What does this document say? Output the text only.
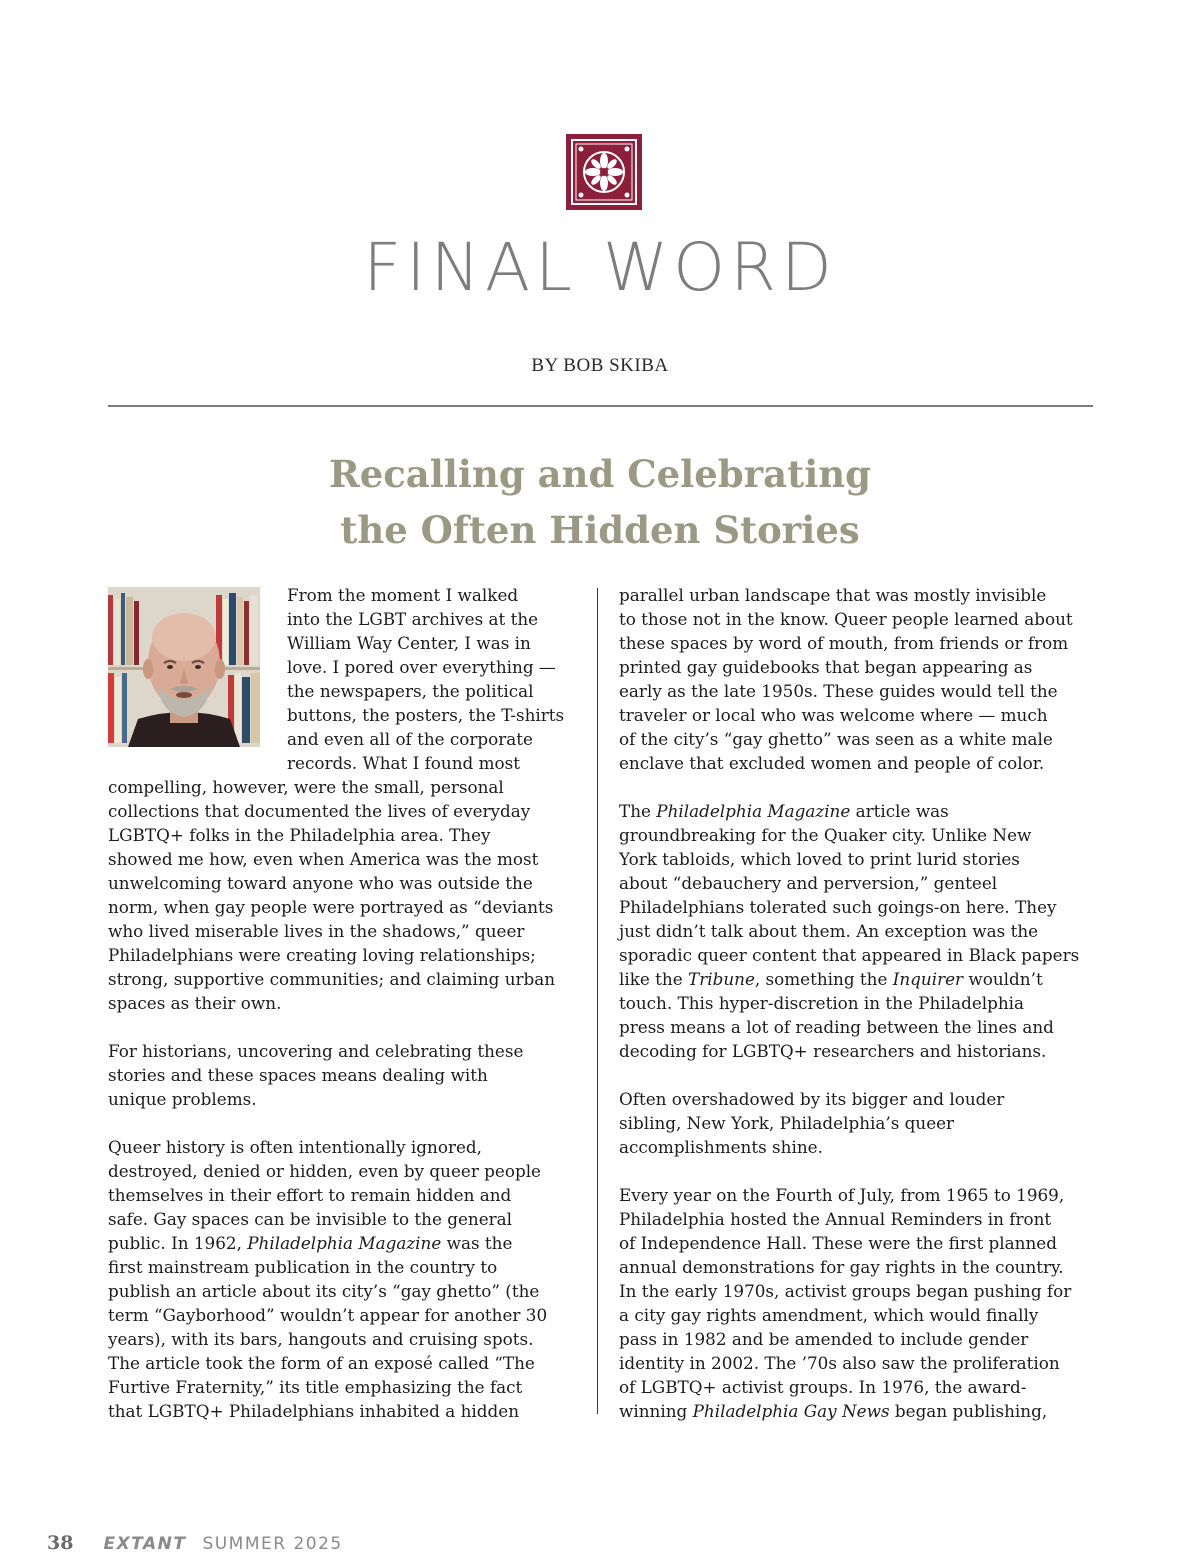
FINAL WORD
BY BOB SKIBA
Recalling and Celebrating
the Often Hidden Stories

From the moment I walked
into the LGBT archives at the
William Way Center, I was in
love. I pored over everything —
the newspapers, the political
buttons, the posters, the T-shirts
and even all of the corporate
records. What I found most
compelling, however, were the small, personal
collections that documented the lives of everyday
LGBTQ+ folks in the Philadelphia area. They
showed me how, even when America was the most
unwelcoming toward anyone who was outside the
norm, when gay people were portrayed as “deviants
who lived miserable lives in the shadows,” queer
Philadelphians were creating loving relationships;
strong, supportive communities; and claiming urban
spaces as their own.

For historians, uncovering and celebrating these
stories and these spaces means dealing with
unique problems.

Queer history is often intentionally ignored,
destroyed, denied or hidden, even by queer people
themselves in their effort to remain hidden and
safe. Gay spaces can be invisible to the general
public. In 1962, Philadelphia Magazine was the
first mainstream publication in the country to
publish an article about its city’s “gay ghetto” (the
term “Gayborhood” wouldn’t appear for another 30
years), with its bars, hangouts and cruising spots.
The article took the form of an exposé called “The
Furtive Fraternity,” its title emphasizing the fact
that LGBTQ+ Philadelphians inhabited a hidden

parallel urban landscape that was mostly invisible
to those not in the know. Queer people learned about
these spaces by word of mouth, from friends or from
printed gay guidebooks that began appearing as
early as the late 1950s. These guides would tell the
traveler or local who was welcome where — much
of the city’s “gay ghetto” was seen as a white male
enclave that excluded women and people of color.

The Philadelphia Magazine article was
groundbreaking for the Quaker city. Unlike New
York tabloids, which loved to print lurid stories
about “debauchery and perversion,” genteel
Philadelphians tolerated such goings-on here. They
just didn’t talk about them. An exception was the
sporadic queer content that appeared in Black papers
like the Tribune, something the Inquirer wouldn’t
touch. This hyper-discretion in the Philadelphia
press means a lot of reading between the lines and
decoding for LGBTQ+ researchers and historians.

Often overshadowed by its bigger and louder
sibling, New York, Philadelphia’s queer
accomplishments shine.

Every year on the Fourth of July, from 1965 to 1969,
Philadelphia hosted the Annual Reminders in front
of Independence Hall. These were the first planned
annual demonstrations for gay rights in the country.
In the early 1970s, activist groups began pushing for
a city gay rights amendment, which would finally
pass in 1982 and be amended to include gender
identity in 2002. The ’70s also saw the proliferation
of LGBTQ+ activist groups. In 1976, the award-
winning Philadelphia Gay News began publishing,

38 EXTANT SUMMER 2025
